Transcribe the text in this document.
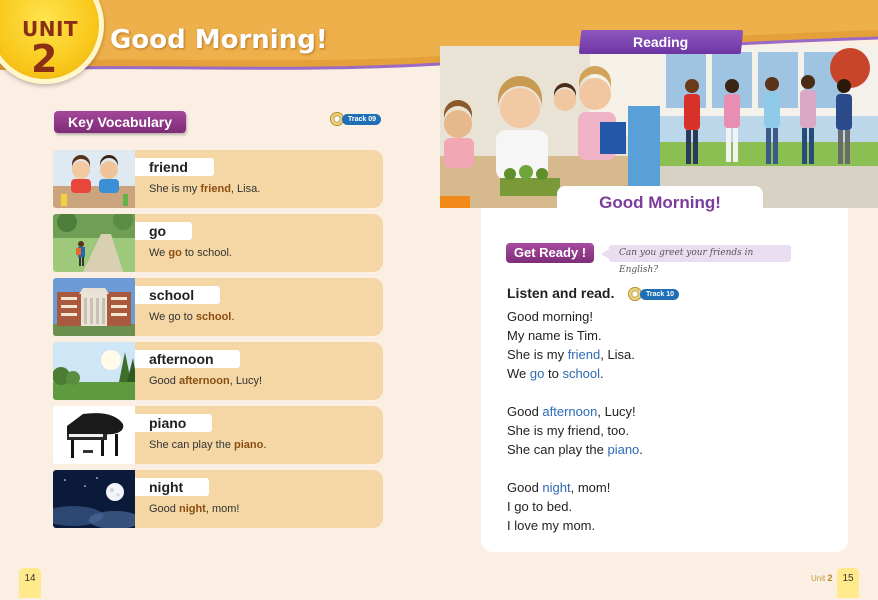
UNIT
2 Good Morning!
Key Vocabulary	Track 09
friend
She is my friend, Lisa.
go
We go to school.
school
We go to school.
afternoon
Good afternoon, Lucy!
piano
She can play the piano.
night
Good night, mom!
Reading
Good Morning!
Get Ready !	Can you greet your friends in English?
Listen and read.	Track 10
Good morning!
My name is Tim.
She is my friend, Lisa.
We go to school.
Good afternoon, Lucy!
She is my friend, too.
She can play the piano.
Good night, mom!
I go to bed.
I love my mom.
14	Unit 2 15
